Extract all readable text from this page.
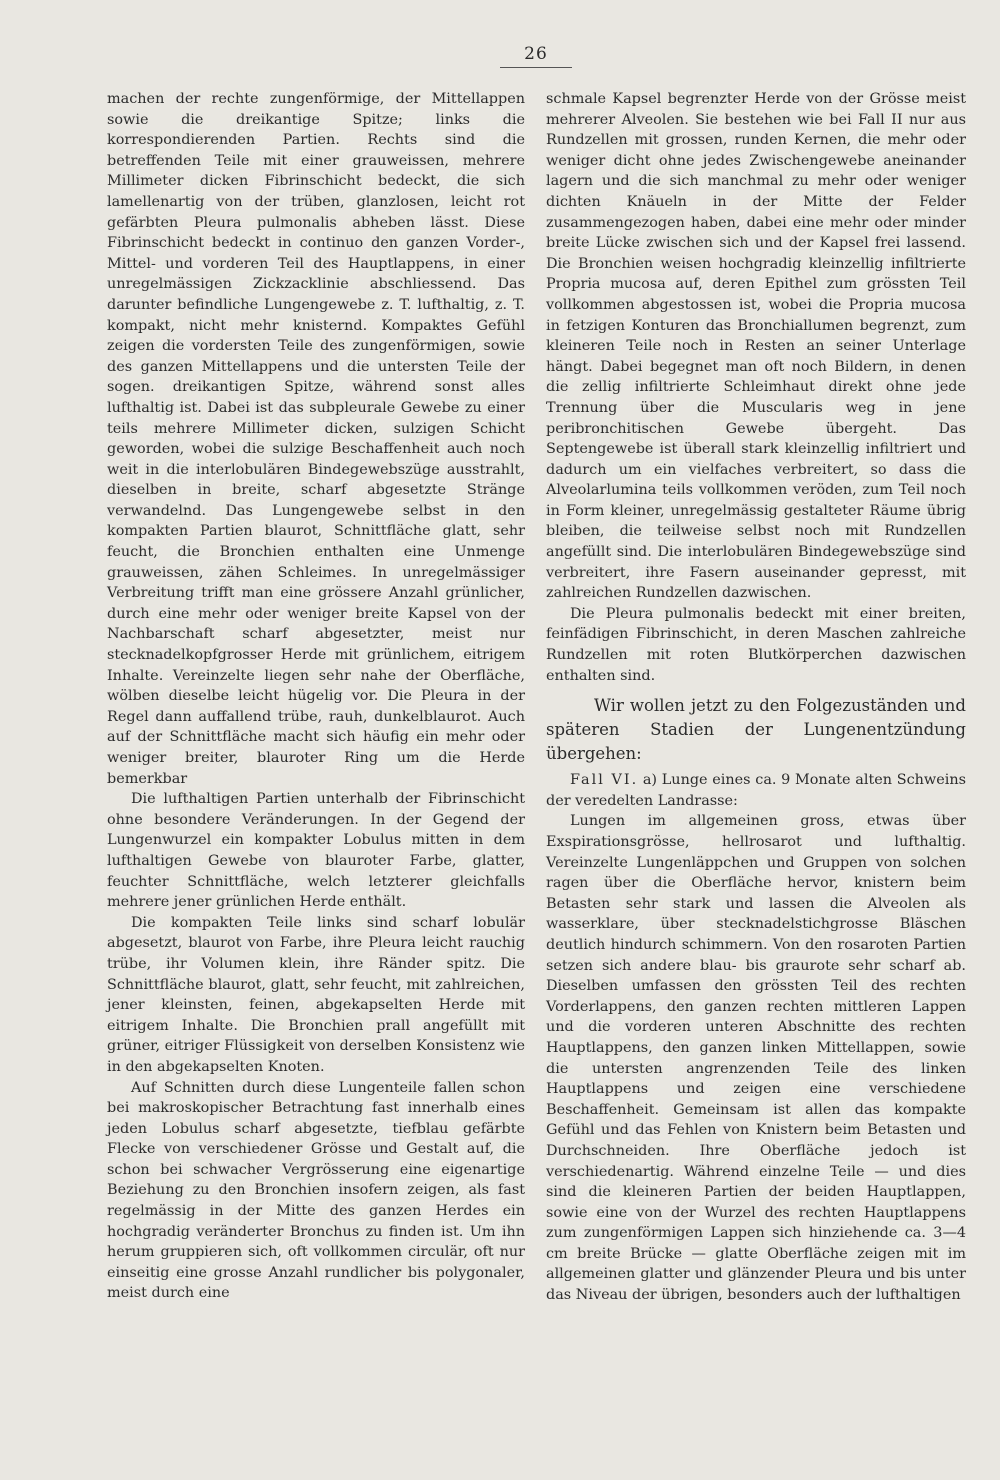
26

machen der rechte zungenförmige, der Mittellappen sowie die dreikantige Spitze; links die korrespondierenden Partien. Rechts sind die betreffenden Teile mit einer grauweissen, mehrere Millimeter dicken Fibrinschicht bedeckt, die sich lamellenartig von der trüben, glanzlosen, leicht rot gefärbten Pleura pulmonalis abheben lässt. Diese Fibrinschicht bedeckt in continuo den ganzen Vorder-, Mittel- und vorderen Teil des Hauptlappens, in einer unregelmässigen Zickzacklinie abschliessend. Das darunter befindliche Lungengewebe z. T. lufthaltig, z. T. kompakt, nicht mehr knisternd. Kompaktes Gefühl zeigen die vordersten Teile des zungenförmigen, sowie des ganzen Mittellappens und die untersten Teile der sogen. dreikantigen Spitze, während sonst alles lufthaltig ist. Dabei ist das subpleurale Gewebe zu einer teils mehrere Millimeter dicken, sulzigen Schicht geworden, wobei die sulzige Beschaffenheit auch noch weit in die interlobulären Bindegewebszüge ausstrahlt, dieselben in breite, scharf abgesetzte Stränge verwandelnd. Das Lungengewebe selbst in den kompakten Partien blaurot, Schnittfläche glatt, sehr feucht, die Bronchien enthalten eine Unmenge grauweissen, zähen Schleimes. In unregelmässiger Verbreitung trifft man eine grössere Anzahl grünlicher, durch eine mehr oder weniger breite Kapsel von der Nachbarschaft scharf abgesetzter, meist nur stecknadelkopfgrosser Herde mit grünlichem, eitrigem Inhalte. Vereinzelte liegen sehr nahe der Oberfläche, wölben dieselbe leicht hügelig vor. Die Pleura in der Regel dann auffallend trübe, rauh, dunkelblaurot. Auch auf der Schnittfläche macht sich häufig ein mehr oder weniger breiter, blauroter Ring um die Herde bemerkbar

Die lufthaltigen Partien unterhalb der Fibrinschicht ohne besondere Veränderungen. In der Gegend der Lungenwurzel ein kompakter Lobulus mitten in dem lufthaltigen Gewebe von blauroter Farbe, glatter, feuchter Schnittfläche, welch letzterer gleichfalls mehrere jener grünlichen Herde enthält.

Die kompakten Teile links sind scharf lobulär abgesetzt, blaurot von Farbe, ihre Pleura leicht rauchig trübe, ihr Volumen klein, ihre Ränder spitz. Die Schnittfläche blaurot, glatt, sehr feucht, mit zahlreichen, jener kleinsten, feinen, abgekapselten Herde mit eitrigem Inhalte. Die Bronchien prall angefüllt mit grüner, eitriger Flüssigkeit von derselben Konsistenz wie in den abgekapselten Knoten.

Auf Schnitten durch diese Lungenteile fallen schon bei makroskopischer Betrachtung fast innerhalb eines jeden Lobulus scharf abgesetzte, tiefblau gefärbte Flecke von verschiedener Grösse und Gestalt auf, die schon bei schwacher Vergrösserung eine eigenartige Beziehung zu den Bronchien insofern zeigen, als fast regelmässig in der Mitte des ganzen Herdes ein hochgradig veränderter Bronchus zu finden ist. Um ihn herum gruppieren sich, oft vollkommen circulär, oft nur einseitig eine grosse Anzahl rundlicher bis polygonaler, meist durch eine

schmale Kapsel begrenzter Herde von der Grösse meist mehrerer Alveolen. Sie bestehen wie bei Fall II nur aus Rundzellen mit grossen, runden Kernen, die mehr oder weniger dicht ohne jedes Zwischengewebe aneinander lagern und die sich manchmal zu mehr oder weniger dichten Knäueln in der Mitte der Felder zusammengezogen haben, dabei eine mehr oder minder breite Lücke zwischen sich und der Kapsel frei lassend. Die Bronchien weisen hochgradig kleinzellig infiltrierte Propria mucosa auf, deren Epithel zum grössten Teil vollkommen abgestossen ist, wobei die Propria mucosa in fetzigen Konturen das Bronchiallumen begrenzt, zum kleineren Teile noch in Resten an seiner Unterlage hängt. Dabei begegnet man oft noch Bildern, in denen die zellig infiltrierte Schleimhaut direkt ohne jede Trennung über die Muscularis weg in jene peribronchitischen Gewebe übergeht. Das Septengewebe ist überall stark kleinzellig infiltriert und dadurch um ein vielfaches verbreitert, so dass die Alveolarlumina teils vollkommen veröden, zum Teil noch in Form kleiner, unregelmässig gestalteter Räume übrig bleiben, die teilweise selbst noch mit Rundzellen angefüllt sind. Die interlobulären Bindegewebszüge sind verbreitert, ihre Fasern auseinander gepresst, mit zahlreichen Rundzellen dazwischen.

Die Pleura pulmonalis bedeckt mit einer breiten, feinfädigen Fibrinschicht, in deren Maschen zahlreiche Rundzellen mit roten Blutkörperchen dazwischen enthalten sind.

Wir wollen jetzt zu den Folgezuständen und späteren Stadien der Lungenentzündung übergehen:

Fall VI. a) Lunge eines ca. 9 Monate alten Schweins der veredelten Landrasse:

Lungen im allgemeinen gross, etwas über Exspirationsgrösse, hellrosarot und lufthaltig. Vereinzelte Lungenläppchen und Gruppen von solchen ragen über die Oberfläche hervor, knistern beim Betasten sehr stark und lassen die Alveolen als wasserklare, über stecknadelstichgrosse Bläschen deutlich hindurch schimmern. Von den rosaroten Partien setzen sich andere blau- bis graurote sehr scharf ab. Dieselben umfassen den grössten Teil des rechten Vorderlappens, den ganzen rechten mittleren Lappen und die vorderen unteren Abschnitte des rechten Hauptlappens, den ganzen linken Mittellappen, sowie die untersten angrenzenden Teile des linken Hauptlappens und zeigen eine verschiedene Beschaffenheit. Gemeinsam ist allen das kompakte Gefühl und das Fehlen von Knistern beim Betasten und Durchschneiden. Ihre Oberfläche jedoch ist verschiedenartig. Während einzelne Teile — und dies sind die kleineren Partien der beiden Hauptlappen, sowie eine von der Wurzel des rechten Hauptlappens zum zungenförmigen Lappen sich hinziehende ca. 3—4 cm breite Brücke — glatte Oberfläche zeigen mit im allgemeinen glatter und glänzender Pleura und bis unter das Niveau der übrigen, besonders auch der lufthaltigen
